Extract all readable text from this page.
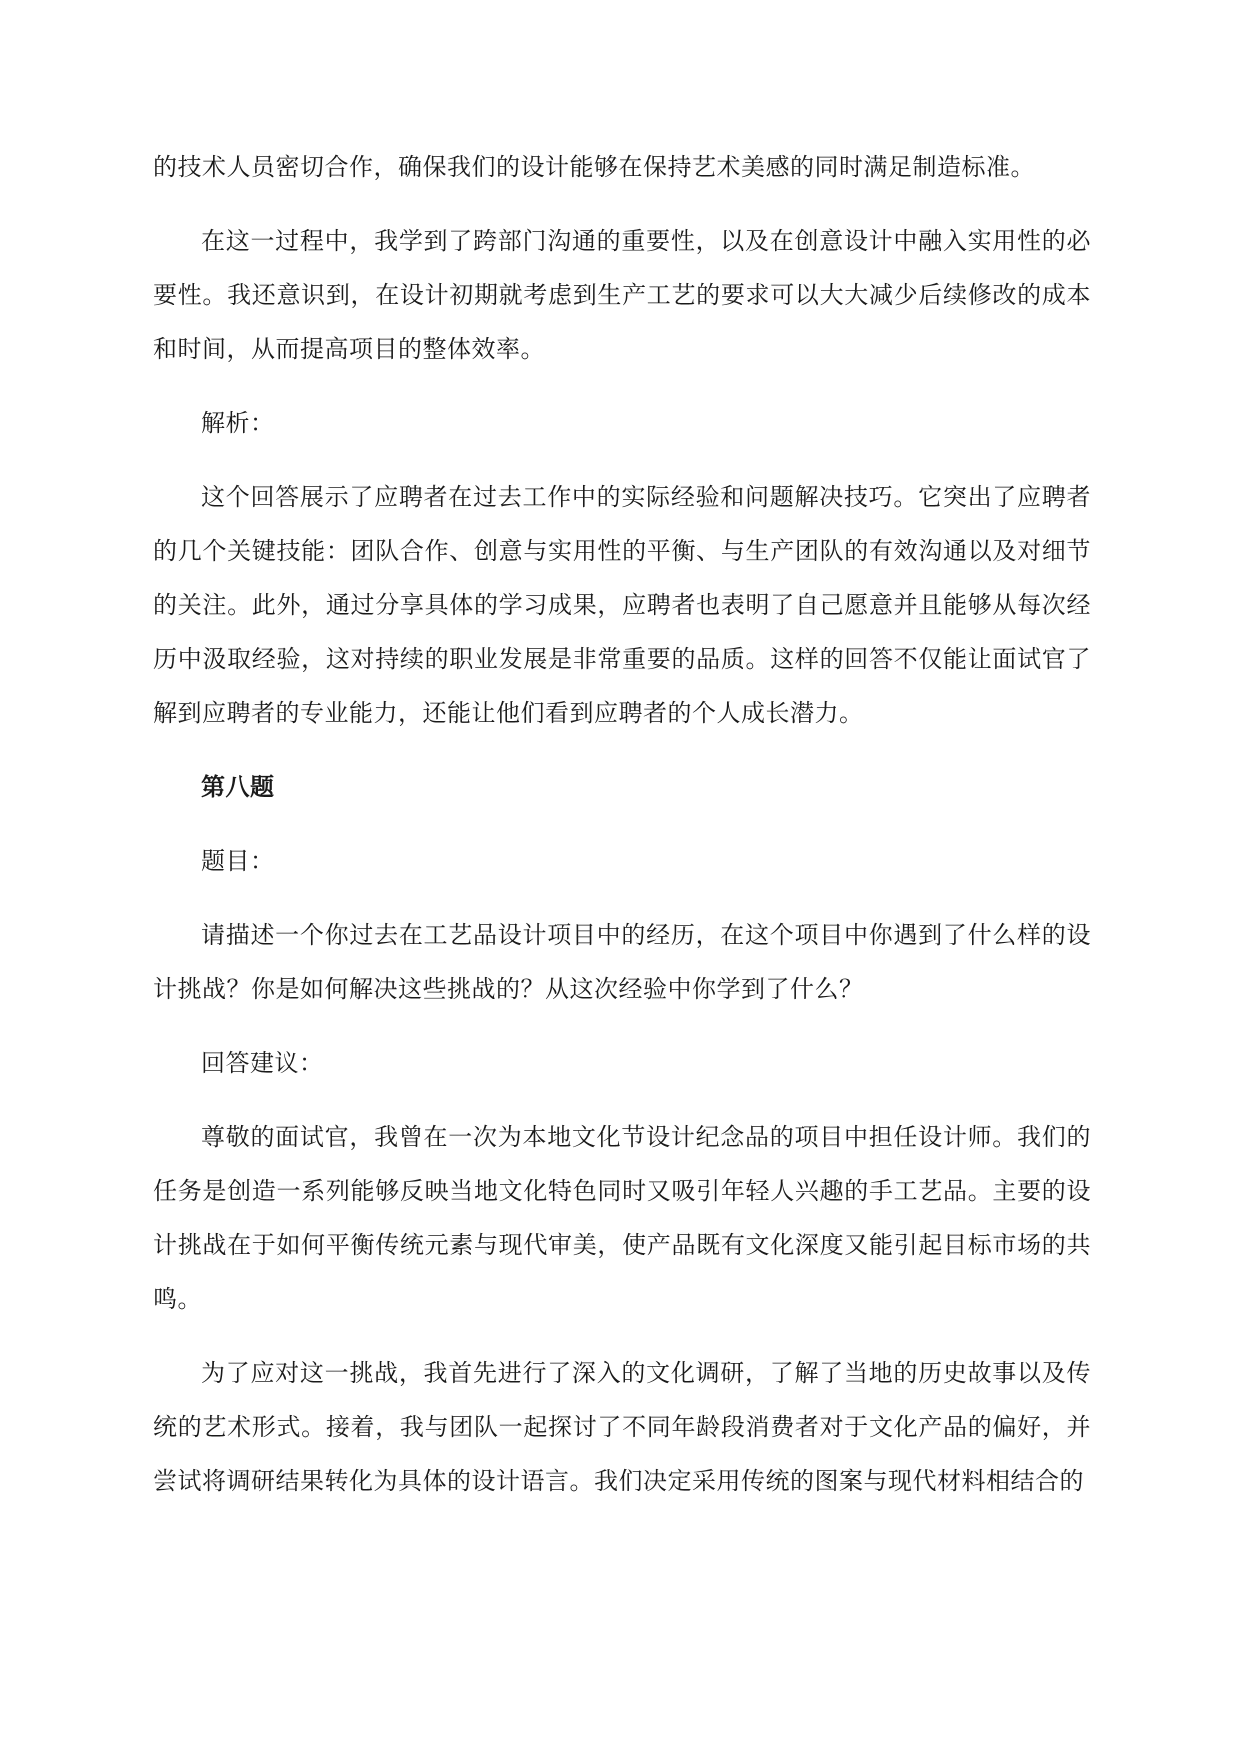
的技术人员密切合作，确保我们的设计能够在保持艺术美感的同时满足制造标准。

在这一过程中，我学到了跨部门沟通的重要性，以及在创意设计中融入实用性的必要性。我还意识到，在设计初期就考虑到生产工艺的要求可以大大减少后续修改的成本和时间，从而提高项目的整体效率。

解析：

这个回答展示了应聘者在过去工作中的实际经验和问题解决技巧。它突出了应聘者的几个关键技能：团队合作、创意与实用性的平衡、与生产团队的有效沟通以及对细节的关注。此外，通过分享具体的学习成果，应聘者也表明了自己愿意并且能够从每次经历中汲取经验，这对持续的职业发展是非常重要的品质。这样的回答不仅能让面试官了解到应聘者的专业能力，还能让他们看到应聘者的个人成长潜力。

第八题

题目：

请描述一个你过去在工艺品设计项目中的经历，在这个项目中你遇到了什么样的设计挑战？你是如何解决这些挑战的？从这次经验中你学到了什么？

回答建议：

尊敬的面试官，我曾在一次为本地文化节设计纪念品的项目中担任设计师。我们的任务是创造一系列能够反映当地文化特色同时又吸引年轻人兴趣的手工艺品。主要的设计挑战在于如何平衡传统元素与现代审美，使产品既有文化深度又能引起目标市场的共鸣。

为了应对这一挑战，我首先进行了深入的文化调研，了解了当地的历史故事以及传统的艺术形式。接着，我与团队一起探讨了不同年龄段消费者对于文化产品的偏好，并尝试将调研结果转化为具体的设计语言。我们决定采用传统的图案与现代材料相结合的
